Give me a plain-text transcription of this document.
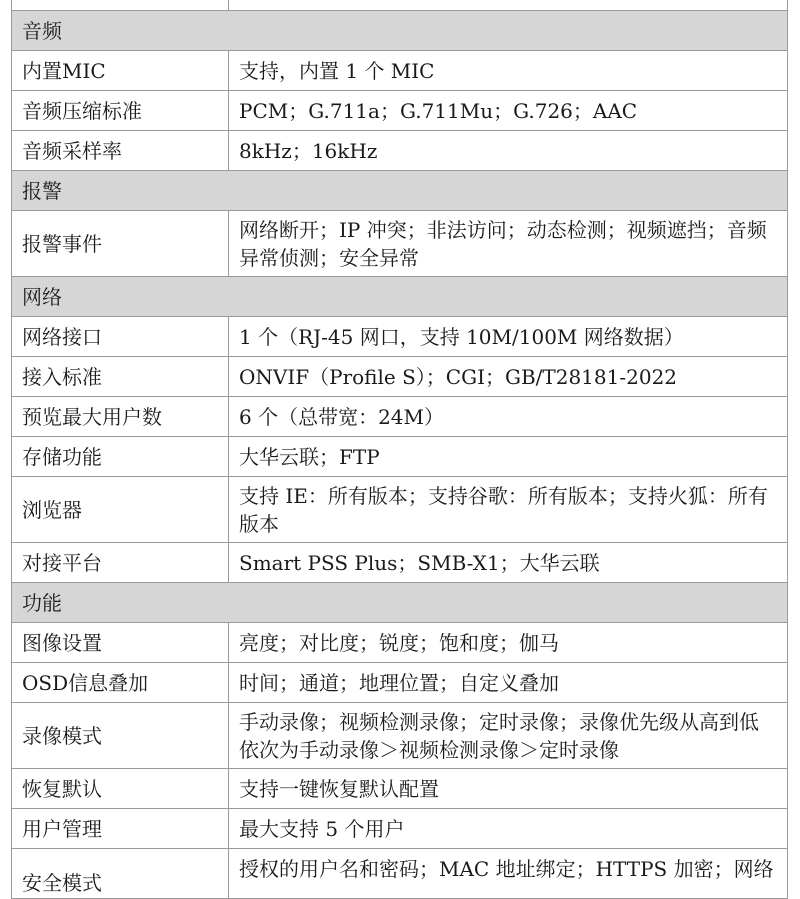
音频	
内置MIC	支持，内置 1 个 MIC
音频压缩标准	PCM；G.711a；G.711Mu；G.726；AAC
音频采样率	8kHz；16kHz
报警	
报警事件	网络断开；IP 冲突；非法访问；动态检测；视频遮挡；音频异常侦测；安全异常
网络	
网络接口	1 个（RJ-45 网口，支持 10M/100M 网络数据）
接入标准	ONVIF（Profile S）；CGI；GB/T28181-2022
预览最大用户数	6 个（总带宽：24M）
存储功能	大华云联；FTP
浏览器	支持 IE：所有版本；支持谷歌：所有版本；支持火狐：所有版本
对接平台	Smart PSS Plus；SMB-X1；大华云联
功能	
图像设置	亮度；对比度；锐度；饱和度；伽马
OSD信息叠加	时间；通道；地理位置；自定义叠加
录像模式	手动录像；视频检测录像；定时录像；录像优先级从高到低依次为手动录像＞视频检测录像＞定时录像
恢复默认	支持一键恢复默认配置
用户管理	最大支持 5 个用户
安全模式	授权的用户名和密码；MAC 地址绑定；HTTPS 加密；网络
